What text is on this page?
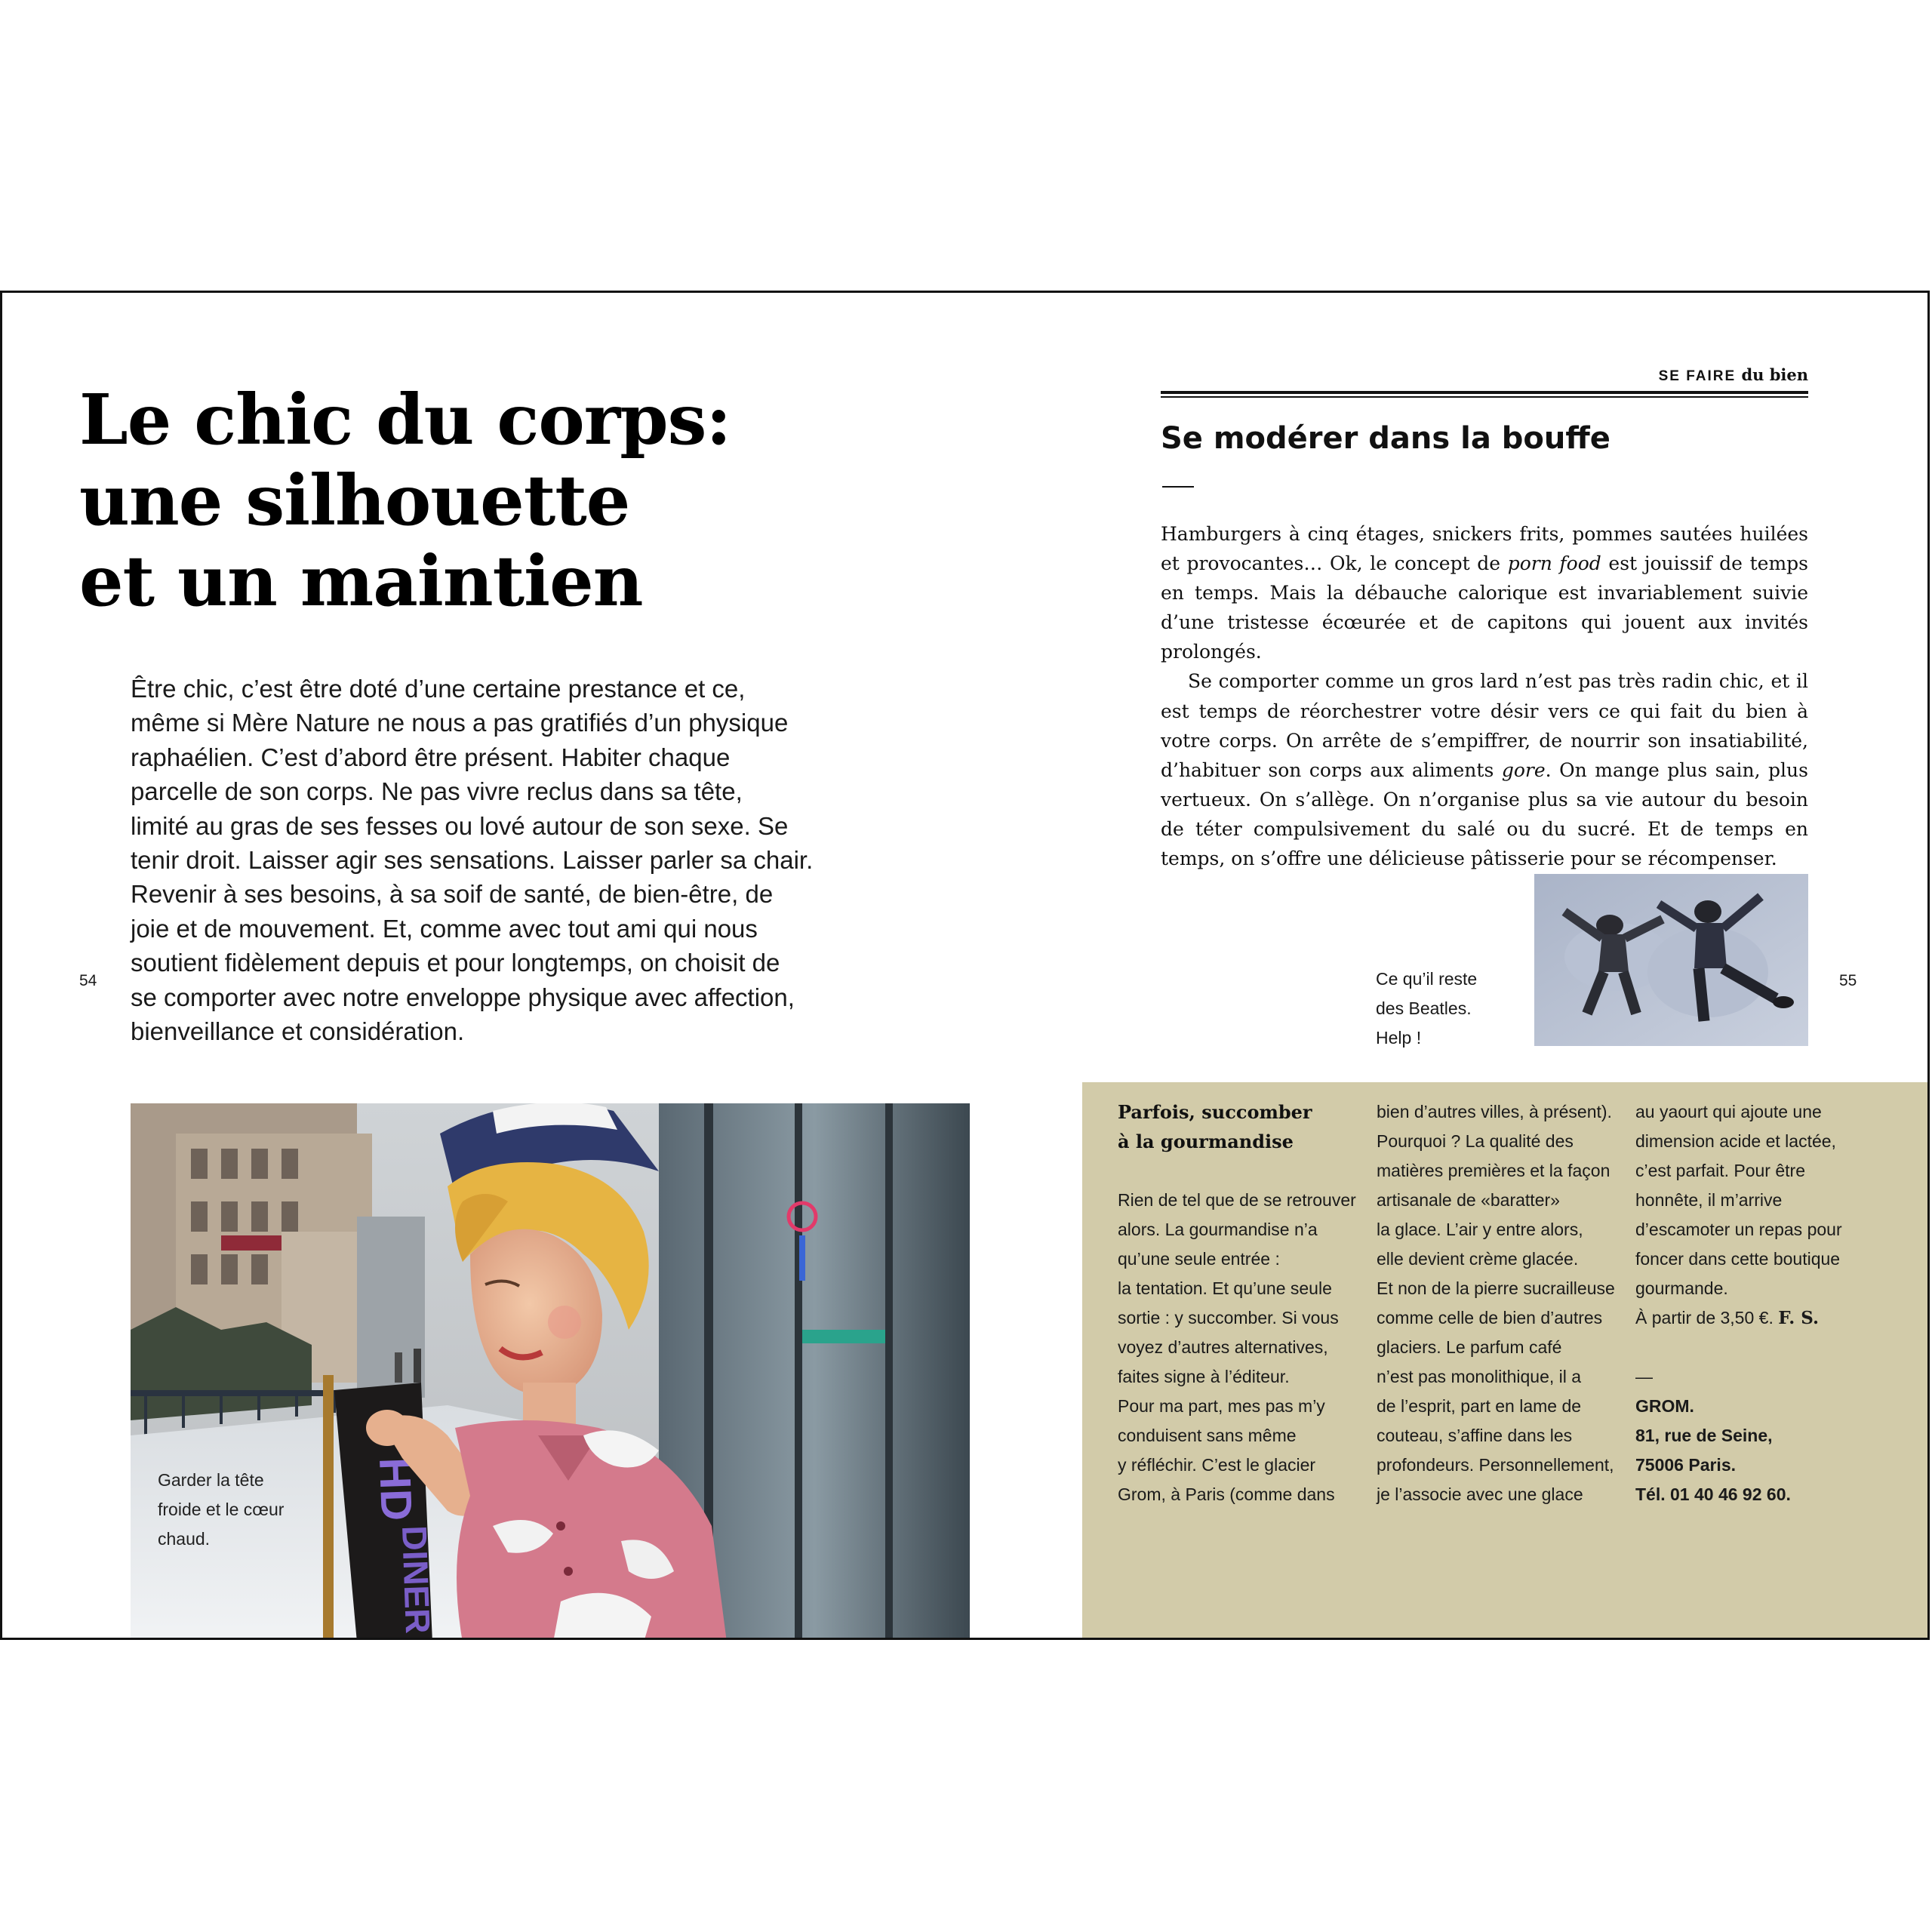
Le chic du corps:
une silhouette
et un maintien
Être chic, c’est être doté d’une certaine prestance et ce,
même si Mère Nature ne nous a pas gratifiés d’un physique
raphaélien. C’est d’abord être présent. Habiter chaque
parcelle de son corps. Ne pas vivre reclus dans sa tête,
limité au gras de ses fesses ou lové autour de son sexe. Se
tenir droit. Laisser agir ses sensations. Laisser parler sa chair.
Revenir à ses besoins, à sa soif de santé, de bien-être, de
joie et de mouvement. Et, comme avec tout ami qui nous
soutient fidèlement depuis et pour longtemps, on choisit de
se comporter avec notre enveloppe physique avec affection,
bienveillance et considération.
54
HD
DINER
Garder la tête
froide et le cœur
chaud.
SE FAIRE du bien
Se modérer dans la bouffe

Hamburgers à cinq étages, snickers frits, pommes sautées huilées et provocantes… Ok, le concept de porn food est jouissif de temps en temps. Mais la débauche calorique est invariablement suivie d’une tristesse écœurée et de capitons qui jouent aux invités prolongés.

Se comporter comme un gros lard n’est pas très radin chic, et il est temps de réorchestrer votre désir vers ce qui fait du bien à votre corps. On arrête de s’empiffrer, de nourrir son insatiabilité, d’habituer son corps aux aliments gore. On mange plus sain, plus vertueux. On s’allège. On n’organise plus sa vie autour du besoin de téter compulsivement du salé ou du sucré. Et de temps en temps, on s’offre une délicieuse pâtisserie pour se récompenser.

Ce qu’il reste
des Beatles.
Help !
55
Parfois, succomber
à la gourmandise
Rien de tel que de se retrouver
alors. La gourmandise n’a
qu’une seule entrée :
la tentation. Et qu’une seule
sortie : y succomber. Si vous
voyez d’autres alternatives,
faites signe à l’éditeur.
Pour ma part, mes pas m’y
conduisent sans même
y réfléchir. C’est le glacier
Grom, à Paris (comme dans
bien d’autres villes, à présent).
Pourquoi ? La qualité des
matières premières et la façon
artisanale de «baratter»
la glace. L’air y entre alors,
elle devient crème glacée.
Et non de la pierre sucrailleuse
comme celle de bien d’autres
glaciers. Le parfum café
n’est pas monolithique, il a
de l’esprit, part en lame de
couteau, s’affine dans les
profondeurs. Personnellement,
je l’associe avec une glace
au yaourt qui ajoute une
dimension acide et lactée,
c’est parfait. Pour être
honnête, il m’arrive
d’escamoter un repas pour
foncer dans cette boutique
gourmande.
À partir de 3,50 €. F. S.

—
GROM.
81, rue de Seine,
75006 Paris.
Tél. 01 40 46 92 60.
